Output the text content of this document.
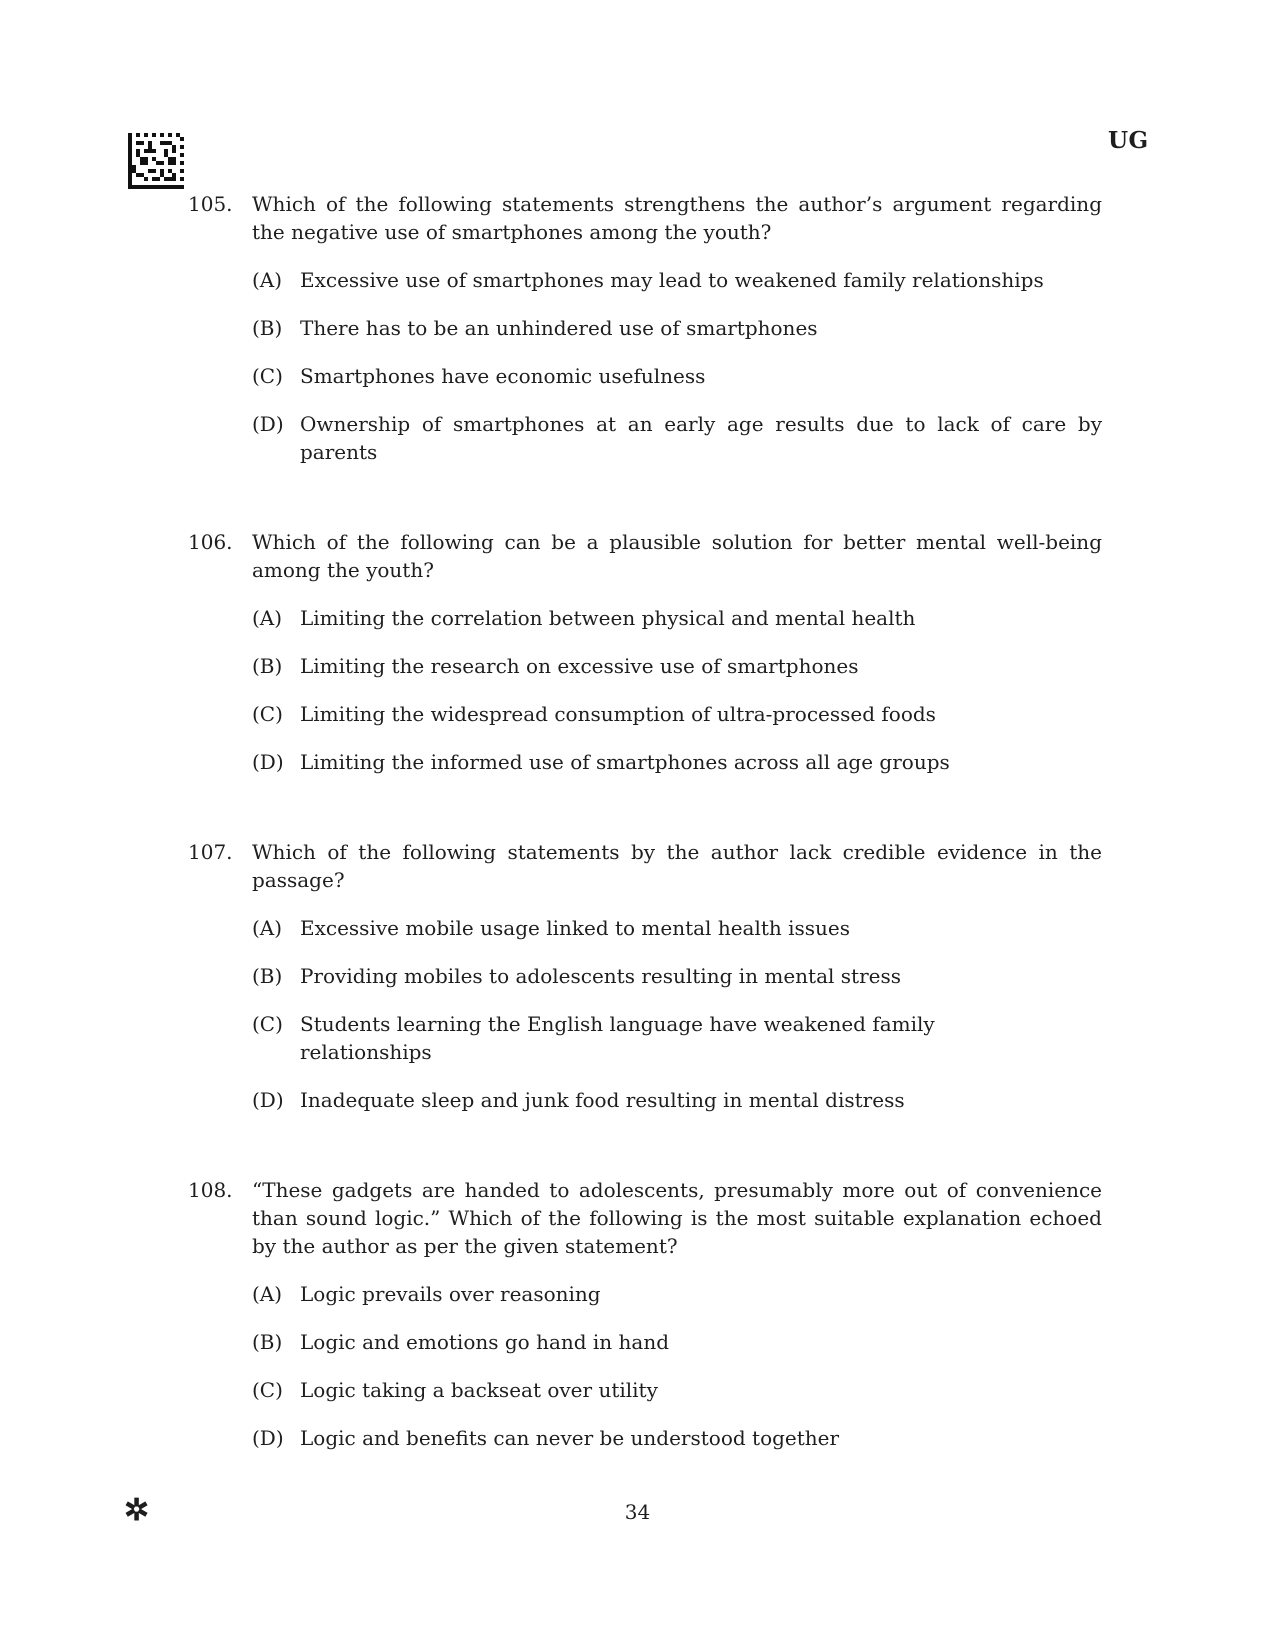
UG
105. Which of the following statements strengthens the author’s argument regarding the negative use of smartphones among the youth?
(A) Excessive use of smartphones may lead to weakened family relationships
(B) There has to be an unhindered use of smartphones
(C) Smartphones have economic usefulness
(D) Ownership of smartphones at an early age results due to lack of care by parents
106. Which of the following can be a plausible solution for better mental well-being among the youth?
(A) Limiting the correlation between physical and mental health
(B) Limiting the research on excessive use of smartphones
(C) Limiting the widespread consumption of ultra-processed foods
(D) Limiting the informed use of smartphones across all age groups
107. Which of the following statements by the author lack credible evidence in the passage?
(A) Excessive mobile usage linked to mental health issues
(B) Providing mobiles to adolescents resulting in mental stress
(C) Students learning the English language have weakened family relationships
(D) Inadequate sleep and junk food resulting in mental distress
108. “These gadgets are handed to adolescents, presumably more out of convenience than sound logic.” Which of the following is the most suitable explanation echoed by the author as per the given statement?
(A) Logic prevails over reasoning
(B) Logic and emotions go hand in hand
(C) Logic taking a backseat over utility
(D) Logic and benefits can never be understood together
✲	34
